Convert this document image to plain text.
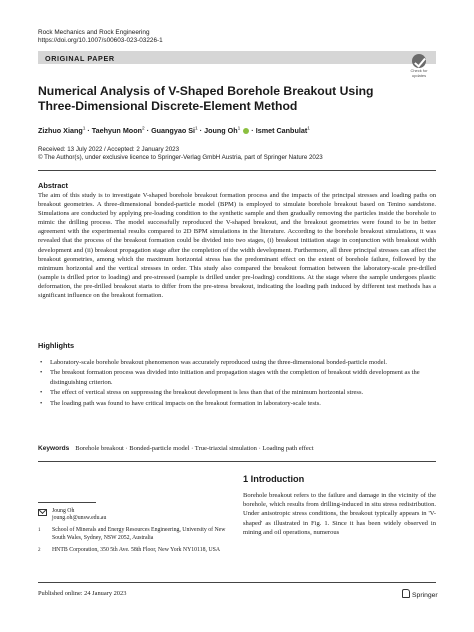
Rock Mechanics and Rock Engineering
https://doi.org/10.1007/s00603-023-03226-1
ORIGINAL PAPER
Check for updates
Numerical Analysis of V-Shaped Borehole Breakout Using Three-Dimensional Discrete-Element Method
Zizhuo Xiang$^1$ · Taehyun Moon$^2$ · Guangyao $Si^1$ · Joung $Oh^1$ · Ismet Canbulat$^1$
Received: 13 July 2022 / Accepted: 2 January 2023
© The Author(s), under exclusive licence to Springer-Verlag GmbH Austria, part of Springer Nature 2023
Abstract
The aim of this study is to investigate V-shaped borehole breakout formation process and the impacts of the principal stresses and loading paths on breakout geometries. A three-dimensional bonded-particle model (BPM) is employed to simulate borehole breakout based on Tenino sandstone. Simulations are conducted by applying pre-loading condition to the synthetic sample and then gradually removing the particles inside the borehole to mimic the drilling process. The model successfully reproduced the V-shaped breakout, and the breakout geometries were found to be in better agreement with the experimental results compared to 2D BPM simulations in the literature. According to the borehole breakout simulations, it was revealed that the process of the breakout formation could be divided into two stages, (i) breakout initiation stage in conjunction with breakout width development and (ii) breakout propagation stage after the completion of the width development. Furthermore, all three principal stresses can affect the breakout geometries, among which the maximum horizontal stress has the predominant effect on the extent of borehole failure, followed by the minimum horizontal and the vertical stresses in order. This study also compared the breakout formation between the laboratory-scale pre-drilled (sample is drilled prior to loading) and pre-stressed (sample is drilled under pre-loading) conditions. At the stage where the sample undergoes plastic deformation, the pre-drilled breakout starts to differ from the pre-stress breakout, indicating the loading path induced by different test methods has a significant influence on the breakout formation.
Highlights
• Laboratory-scale borehole breakout phenomenon was accurately reproduced using the three-dimensional bonded-particle model.
• The breakout formation process was divided into initiation and propagation stages with the completion of breakout width development as the distinguishing criterion.
• The effect of vertical stress on suppressing the breakout development is less than that of the minimum horizontal stress.
• The loading path was found to have critical impacts on the breakout formation in laboratory-scale tests.
Keywords Borehole breakout · Bonded-particle model · True-triaxial simulation · Loading path effect
1 Introduction

Borehole breakout refers to the failure and damage in the vicinity of the borehole, which results from drilling-induced in situ stress redistribution. Under anisotropic stress conditions, the breakout typically appears in 'V-shaped' as illustrated in Fig. 1. Since it has been widely observed in mining and oil operations, numerous

Joung Oh
joung.oh@unsw.edu.au
1 School of Minerals and Energy Resources Engineering, University of New South Wales, Sydney, NSW 2052, Australia
2 HNTB Corporation, 350 5th Ave. 58th Floor, New York NY10118, USA
Published online: 24 January 2023	Springer
